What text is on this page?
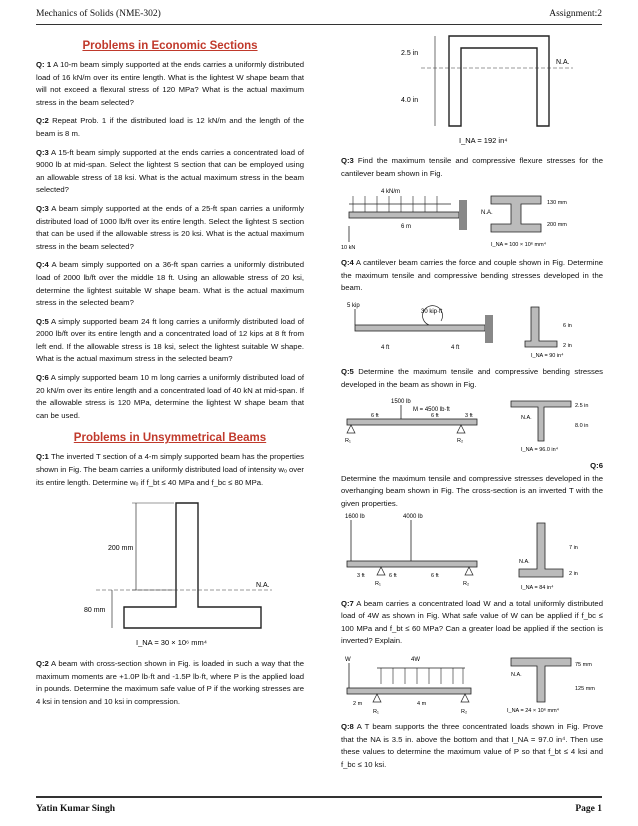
Mechanics of Solids (NME-302)	Assignment:2
Problems in Economic Sections

Q: 1 A 10-m beam simply supported at the ends carries a uniformly distributed load of 16 kN/m over its entire length. What is the lightest W shape beam that will not exceed a flexural stress of 120 MPa? What is the actual maximum stress in the beam selected?

Q:2 Repeat Prob. 1 if the distributed load is 12 kN/m and the length of the beam is 8 m.

Q:3 A 15-ft beam simply supported at the ends carries a concentrated load of 9000 lb at mid-span. Select the lightest S section that can be employed using an allowable stress of 18 ksi. What is the actual maximum stress in the beam selected?

Q:3 A beam simply supported at the ends of a 25-ft span carries a uniformly distributed load of 1000 lb/ft over its entire length. Select the lightest S section that can be used if the allowable stress is 20 ksi. What is the actual maximum stress in the beam selected?

Q:4 A beam simply supported on a 36-ft span carries a uniformly distributed load of 2000 lb/ft over the middle 18 ft. Using an allowable stress of 20 ksi, determine the lightest suitable W shape beam. What is the actual maximum stress in the selected beam?

Q:5 A simply supported beam 24 ft long carries a uniformly distributed load of 2000 lb/ft over its entire length and a concentrated load of 12 kips at 8 ft from left end. If the allowable stress is 18 ksi, select the lightest suitable W shape. What is the actual maximum stress in the selected beam?

Q:6 A simply supported beam 10 m long carries a uniformly distributed load of 20 kN/m over its entire length and a concentrated load of 40 kN at mid-span. If the allowable stress is 120 MPa, determine the lightest W shape beam that can be used.

Problems in Unsymmetrical Beams

Q:1 The inverted T section of a 4-m simply supported beam has the properties shown in Fig. The beam carries a uniformly distributed load of intensity wₒ over its entire length. Determine wₒ if f_bt ≤ 40 MPa and f_bc ≤ 80 MPa.

200 mm
N.A.
80 mm
I_NA = 30 × 10⁶ mm⁴

Q:2 A beam with cross-section shown in Fig. is loaded in such a way that the maximum moments are +1.0P lb·ft and -1.5P lb·ft, where P is the applied load in pounds. Determine the maximum safe value of P if the working stresses are 4 ksi in tension and 10 ksi in compression.

2.5 in
N.A.
4.0 in
I_NA = 192 in⁴

Q:3 Find the maximum tensile and compressive flexure stresses for the cantilever beam shown in Fig.

4 kN/m
6 m
10 kN
N.A.
130 mm
200 mm
I_NA = 100 × 10⁶ mm⁴

Q:4 A cantilever beam carries the force and couple shown in Fig. Determine the maximum tensile and compressive bending stresses developed in the beam.

5 kip
30 kip·ft
4 ft	4 ft
6 in
2 in
I_NA = 90 in⁴

Q:5 Determine the maximum tensile and compressive bending stresses developed in the beam as shown in Fig.

1500 lb
M = 4500 lb·ft
6 ft	6 ft	3 ft
R₁	R₂
N.A.
2.5 in
8.0 in
I_NA = 96.0 in⁴

Q:6
Determine the maximum tensile and compressive stresses developed in the overhanging beam shown in Fig. The cross-section is an inverted T with the given properties.

1600 lb	4000 lb
3 ft	6 ft	6 ft
R₁	R₂
N.A.
7 in
2 in
I_NA = 84 in⁴

Q:7 A beam carries a concentrated load W and a total uniformly distributed load of 4W as shown in Fig. What safe value of W can be applied if f_bc ≤ 100 MPa and f_bt ≤ 60 MPa? Can a greater load be applied if the section is inverted? Explain.

W	4W
2 m	4 m
R₁	R₂
N.A.
75 mm
125 mm
I_NA = 24 × 10⁶ mm⁴

Q:8 A T beam supports the three concentrated loads shown in Fig. Prove that the NA is 3.5 in. above the bottom and that I_NA = 97.0 in⁴. Then use these values to determine the maximum value of P so that f_bt ≤ 4 ksi and f_bc ≤ 10 ksi.

Yatin Kumar Singh	Page 1
